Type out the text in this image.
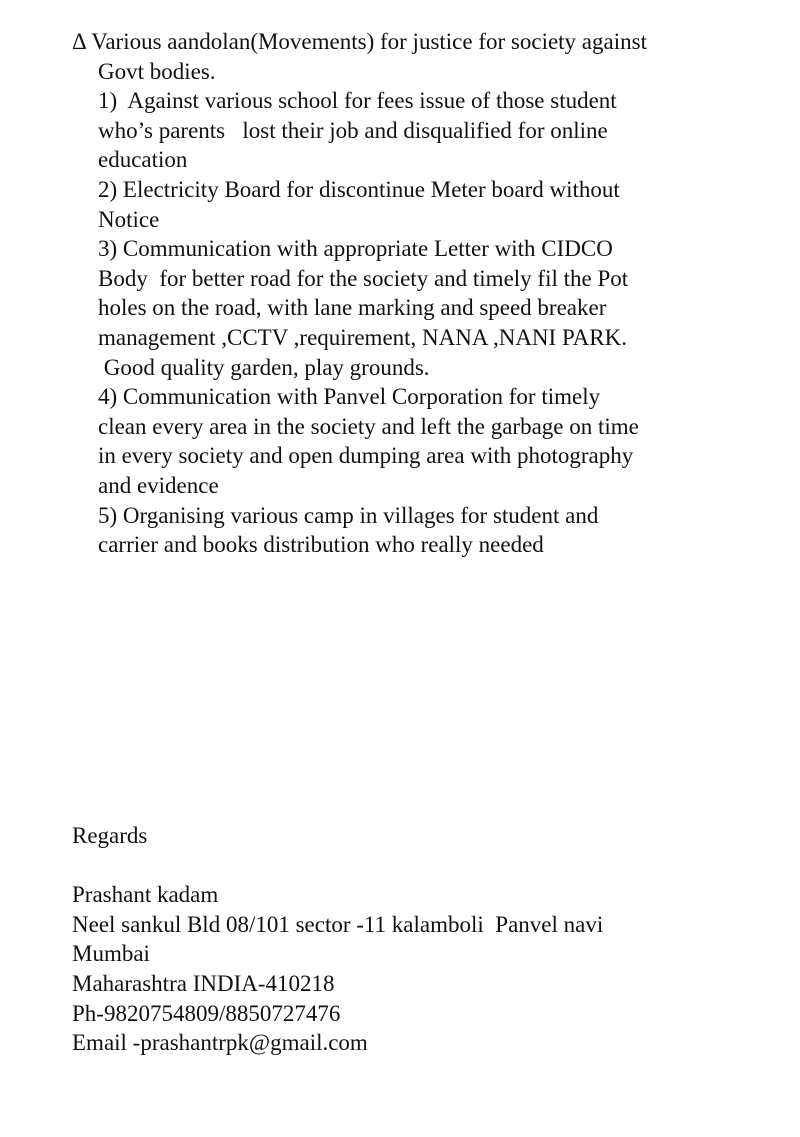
Δ Various aandolan(Movements) for justice for society against
Govt bodies.
1)  Against various school for fees issue of those student
who’s parents   lost their job and disqualified for online
education
2) Electricity Board for discontinue Meter board without
Notice
3) Communication with appropriate Letter with CIDCO
Body  for better road for the society and timely fil the Pot
holes on the road, with lane marking and speed breaker
management ,CCTV ,requirement, NANA ,NANI PARK.
Good quality garden, play grounds.
4) Communication with Panvel Corporation for timely
clean every area in the society and left the garbage on time
in every society and open dumping area with photography
and evidence
5) Organising various camp in villages for student and
carrier and books distribution who really needed
Regards
Prashant kadam
Neel sankul Bld 08/101 sector -11 kalamboli  Panvel navi
Mumbai
Maharashtra INDIA-410218
Ph-9820754809/8850727476
Email -prashantrpk@gmail.com
